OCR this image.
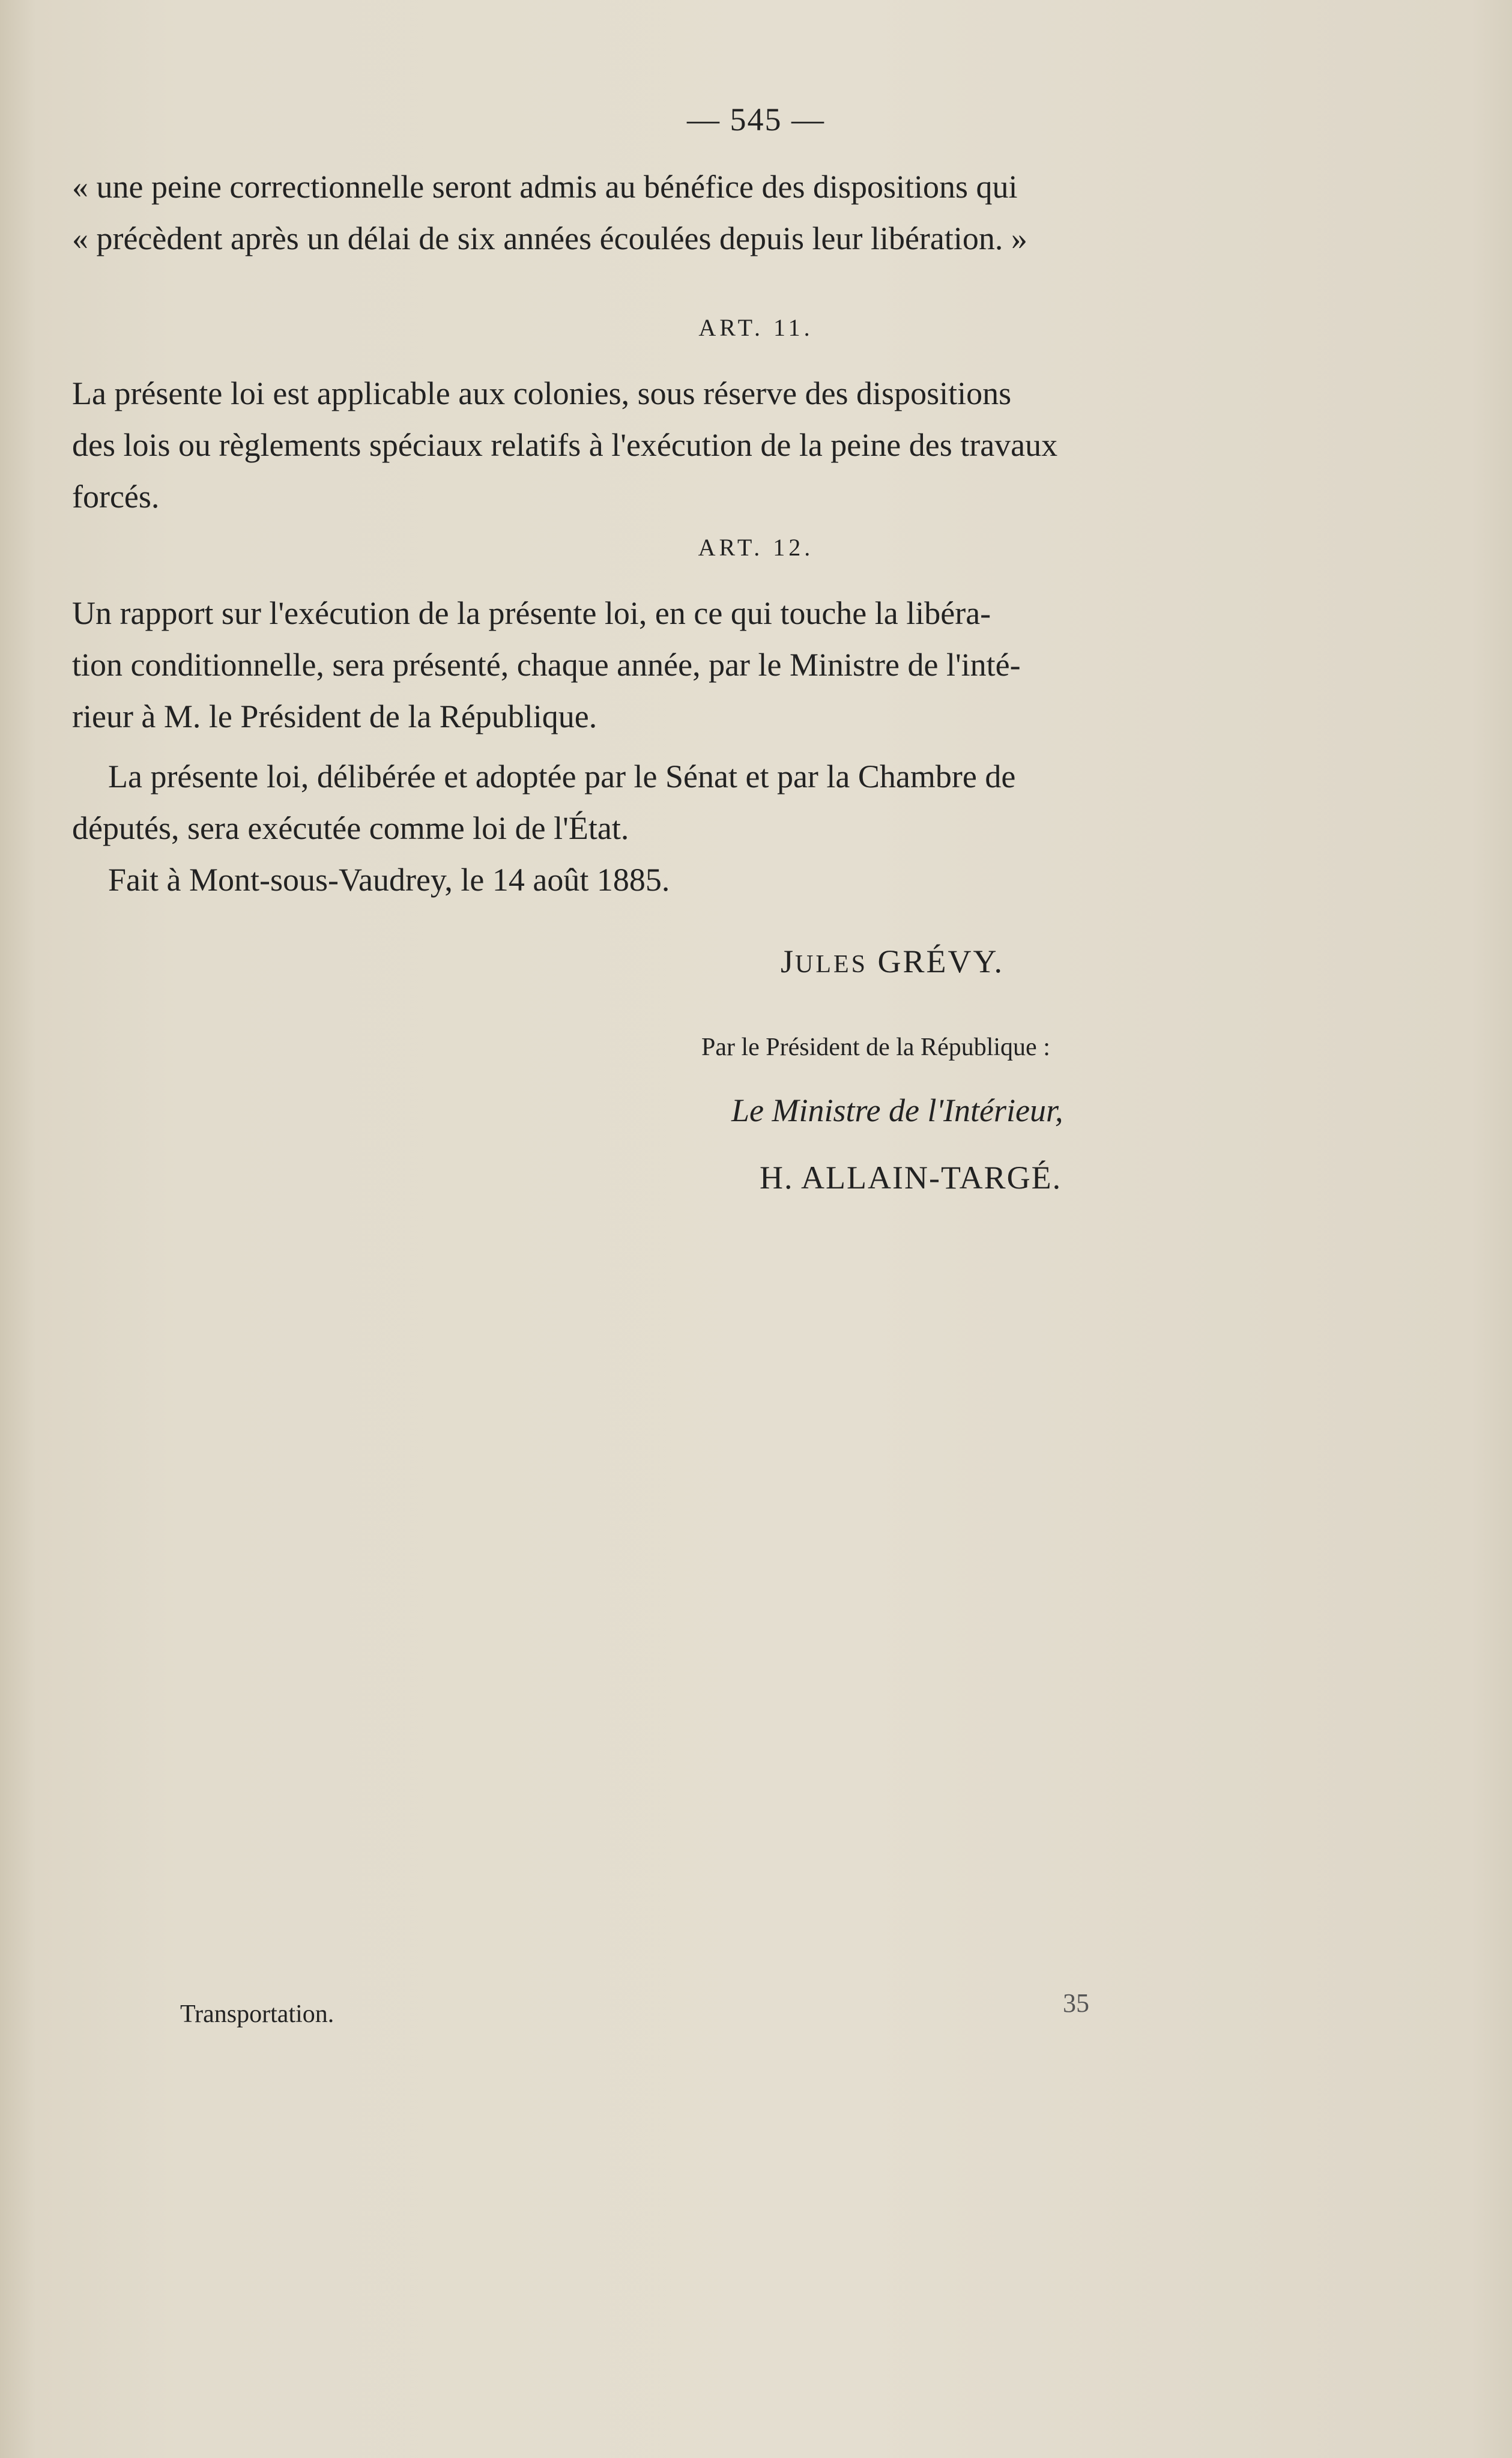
— 545 —
« une peine correctionnelle seront admis au bénéfice des dispositions qui
« précèdent après un délai de six années écoulées depuis leur libération. »
ART. 11.
La présente loi est applicable aux colonies, sous réserve des dispositions
des lois ou règlements spéciaux relatifs à l'exécution de la peine des travaux
forcés.
ART. 12.
Un rapport sur l'exécution de la présente loi, en ce qui touche la libéra-
tion conditionnelle, sera présenté, chaque année, par le Ministre de l'inté-
rieur à M. le Président de la République.
La présente loi, délibérée et adoptée par le Sénat et par la Chambre de
députés, sera exécutée comme loi de l'État.
Fait à Mont-sous-Vaudrey, le 14 août 1885.
JULES GRÉVY.
Par le Président de la République :
Le Ministre de l'Intérieur,
H. ALLAIN-TARGÉ.
Transportation.	35
